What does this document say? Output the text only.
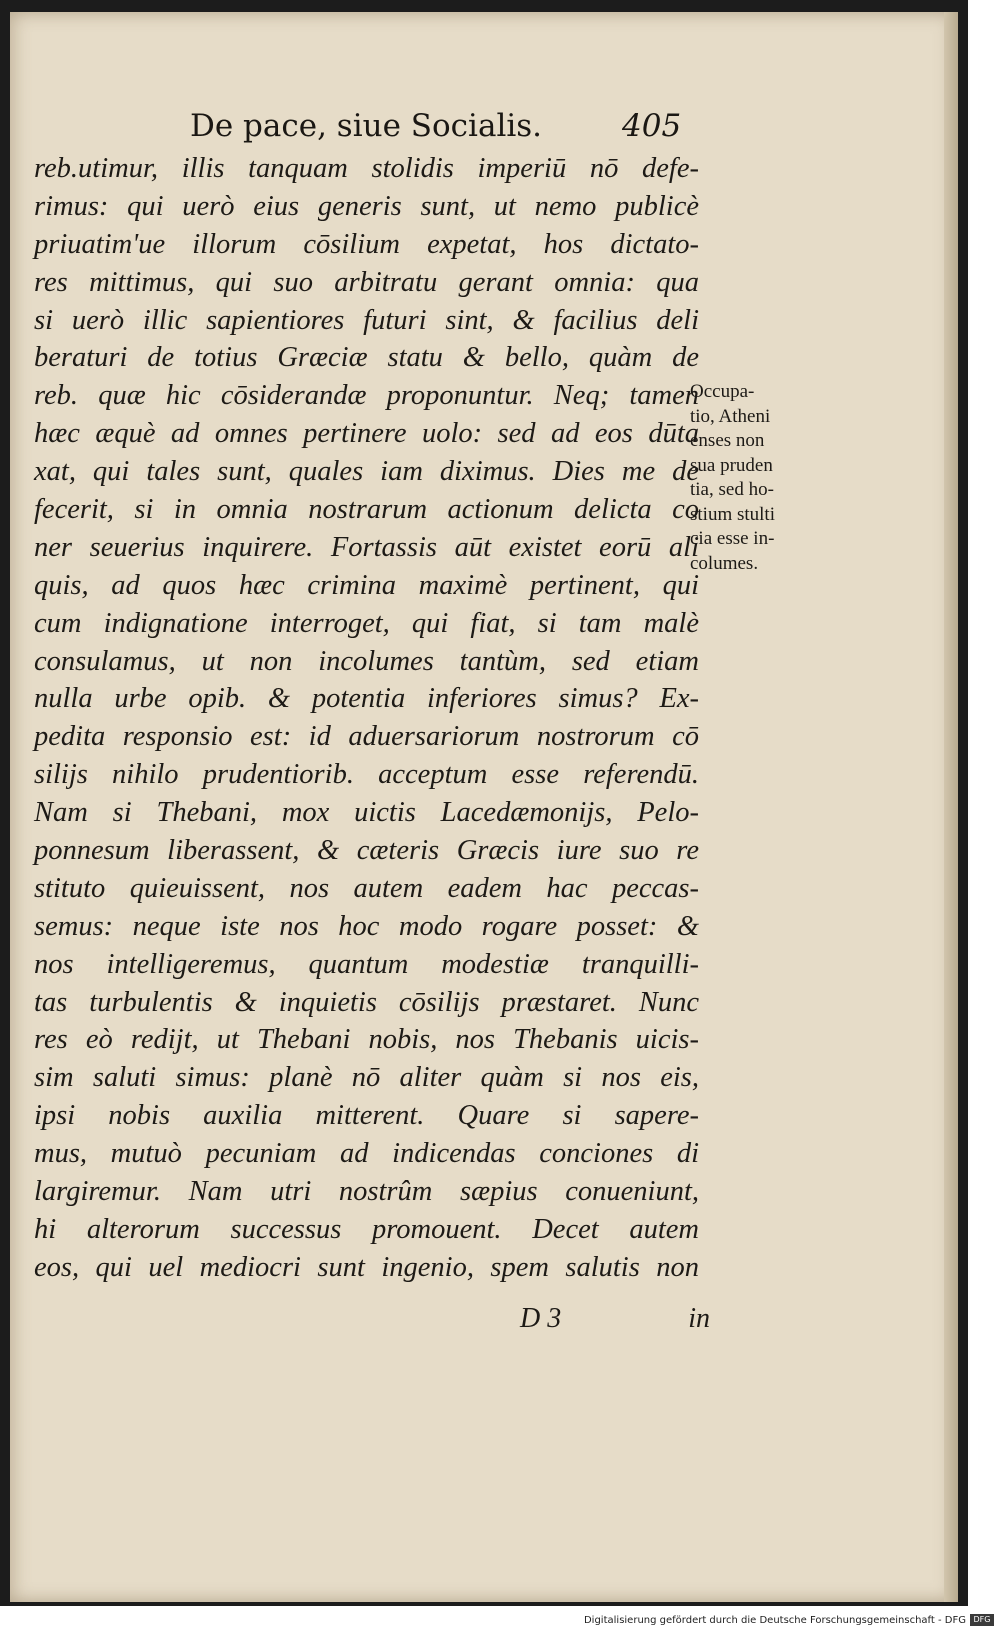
De pace, siue Socialis.	405
reb.utimur, illis tanquam stolidis imperiū nō defe-
rimus: qui uerò eius generis sunt, ut nemo publicè
priuatim'ue illorum cōsilium expetat, hos dictato-
res mittimus, qui suo arbitratu gerant omnia: qua
si uerò illic sapientiores futuri sint, & facilius deli
beraturi de totius Græciæ statu & bello, quàm de
reb. quæ hic cōsiderandæ proponuntur. Neq; tamen
hæc æquè ad omnes pertinere uolo: sed ad eos dūta
xat, qui tales sunt, quales iam diximus. Dies me de
fecerit, si in omnia nostrarum actionum delicta co
ner seuerius inquirere. Fortassis aūt existet eorū ali
quis, ad quos hæc crimina maximè pertinent, qui
cum indignatione interroget, qui fiat, si tam malè
consulamus, ut non incolumes tantùm, sed etiam
nulla urbe opib. & potentia inferiores simus? Ex-
pedita responsio est: id aduersariorum nostrorum cō
silijs nihilo prudentiorib. acceptum esse referendū.
Nam si Thebani, mox uictis Lacedæmonijs, Pelo-
ponnesum liberassent, & cæteris Græcis iure suo re
stituto quieuissent, nos autem eadem hac peccas-
semus: neque iste nos hoc modo rogare posset: &
nos intelligeremus, quantum modestiæ tranquilli-
tas turbulentis & inquietis cōsilijs præstaret. Nunc
res eò redijt, ut Thebani nobis, nos Thebanis uicis-
sim saluti simus: planè nō aliter quàm si nos eis,
ipsi nobis auxilia mitterent. Quare si sapere-
mus, mutuò pecuniam ad indicendas conciones di
largiremur. Nam utri nostrûm sæpius conueniunt,
hi alterorum successus promouent. Decet autem
eos, qui uel mediocri sunt ingenio, spem salutis non
Occupa-
tio, Atheni
enses non
sua pruden
tia, sed ho-
stium stulti
cia esse in-
columes.
D 3	in
Digitalisierung gefördert durch die Deutsche Forschungsgemeinschaft - DFG DFG
